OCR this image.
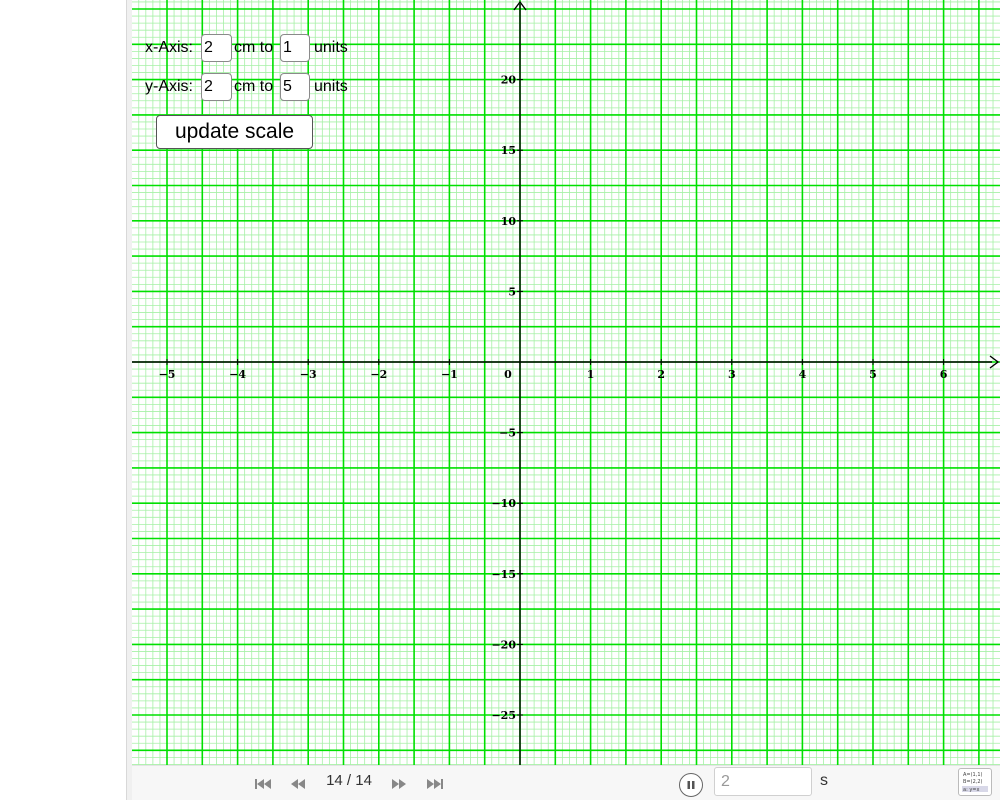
−5	−4	−3	−2	−1	0	1	2	3	4	5	6
20
15
10
5
−5
−10
−15
−20
−25
x-Axis: 2	cm to 1	units
y-Axis: 2	cm to 5	units
update scale
14 / 14
2	s	A=(1,1)
B=(2,2)
a: y=x
